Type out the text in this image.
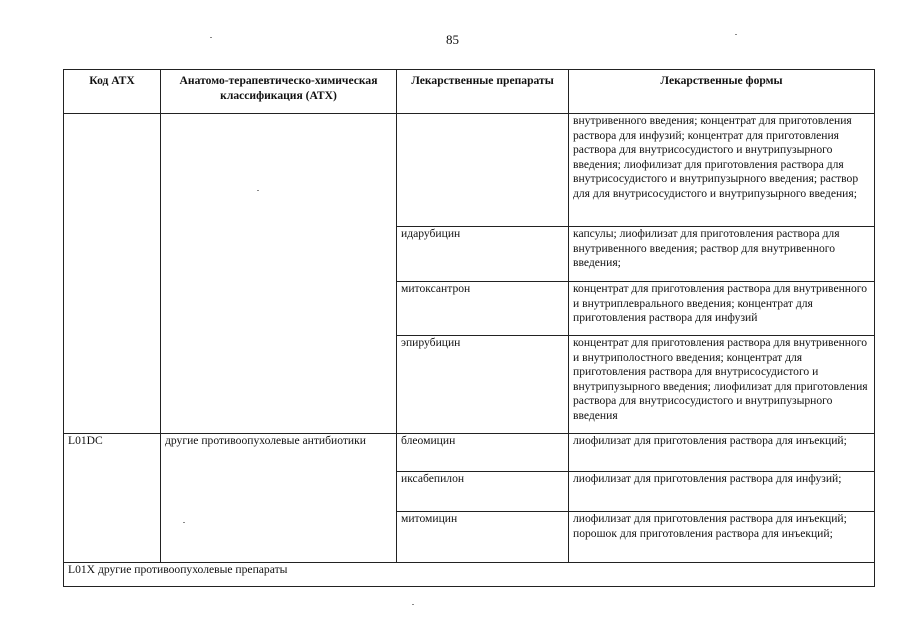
85
Код АТХ	Анатомо-терапевтическо-химическая классификация (АТХ)	Лекарственные препараты	Лекарственные формы
			внутривенного введения; концентрат для приготовления раствора для инфузий; концентрат для приготовления раствора для внутрисосудистого и внутрипузырного введения; лиофилизат для приготовления раствора для внутрисосудистого и внутрипузырного введения; раствор для для внутрисосудистого и внутрипузырного введения;
		идарубицин	капсулы; лиофилизат для приготовления раствора для внутривенного введения; раствор для внутривенного введения;
		митоксантрон	концентрат для приготовления раствора для внутривенного и внутриплеврального введения; концентрат для приготовления раствора для инфузий
		эпирубицин	концентрат для приготовления раствора для внутривенного и внутриполостного введения; концентрат для приготовления раствора для внутрисосудистого и внутрипузырного введения; лиофилизат для приготовления раствора для внутрисосудистого и внутрипузырного введения
L01DC	другие противоопухолевые антибиотики	блеомицин	лиофилизат для приготовления раствора для инъекций;
		иксабепилон	лиофилизат для приготовления раствора для инфузий;
		митомицин	лиофилизат для приготовления раствора для инъекций; порошок для приготовления раствора для инъекций;
L01X другие противоопухолевые препараты			
